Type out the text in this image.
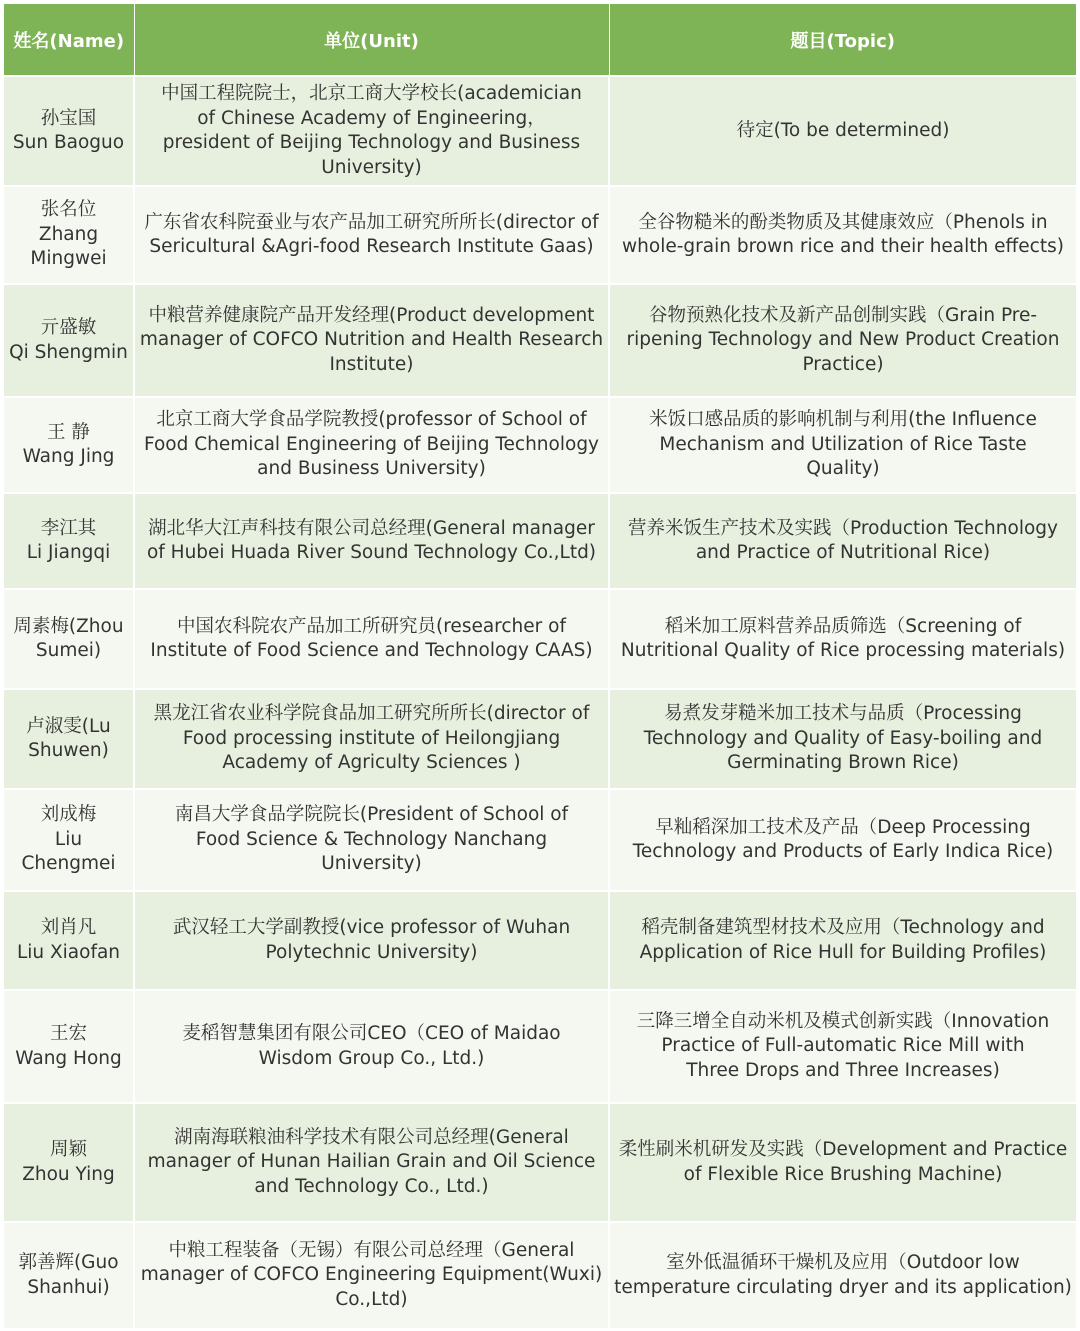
姓名(Name)	单位(Unit)	题目(Topic)

孙宝国
Sun Baoguo	中国工程院院士，北京工商大学校长(academician of Chinese Academy of Engineering，president of Beijing Technology and Business University)	待定(To be determined)

张名位
Zhang Mingwei	广东省农科院蚕业与农产品加工研究所所长(director of Sericultural &Agri-food Research Institute Gaas)	全谷物糙米的酚类物质及其健康效应（Phenols in whole-grain brown rice and their health effects)

亓盛敏
Qi Shengmin	中粮营养健康院产品开发经理(Product development manager of COFCO Nutrition and Health Research Institute)	谷物预熟化技术及新产品创制实践（Grain Pre-ripening Technology and New Product Creation Practice)

王 静
Wang Jing	北京工商大学食品学院教授(professor of School of Food Chemical Engineering of Beijing Technology and Business University)	米饭口感品质的影响机制与利用(the Influence Mechanism and Utilization of Rice Taste Quality)

李江其
Li Jiangqi	湖北华大江声科技有限公司总经理(General manager of Hubei Huada River Sound Technology Co.,Ltd)	营养米饭生产技术及实践（Production Technology and Practice of Nutritional Rice)

周素梅(Zhou
Sumei)	中国农科院农产品加工所研究员(researcher of Institute of Food Science and Technology CAAS)	稻米加工原料营养品质筛选（Screening of Nutritional Quality of Rice processing materials)

卢淑雯(Lu
Shuwen)	黑龙江省农业科学院食品加工研究所所长(director of Food processing institute of Heilongjiang Academy of Agriculty Sciences )	易煮发芽糙米加工技术与品质（Processing Technology and Quality of Easy-boiling and Germinating Brown Rice)

刘成梅
Liu Chengmei	南昌大学食品学院院长(President of School of Food Science & Technology Nanchang University)	早籼稻深加工技术及产品（Deep Processing Technology and Products of Early Indica Rice)

刘肖凡
Liu Xiaofan	武汉轻工大学副教授(vice professor of Wuhan Polytechnic University)	稻壳制备建筑型材技术及应用（Technology and Application of Rice Hull for Building Profiles)

王宏
Wang Hong	麦稻智慧集团有限公司CEO（CEO of Maidao Wisdom Group Co., Ltd.)	三降三增全自动米机及模式创新实践（Innovation Practice of Full-automatic Rice Mill with Three Drops and Three Increases)

周颖
Zhou Ying	湖南海联粮油科学技术有限公司总经理(General manager of Hunan Hailian Grain and Oil Science and Technology Co., Ltd.)	柔性刷米机研发及实践（Development and Practice of Flexible Rice Brushing Machine)

郭善辉(Guo
Shanhui)	中粮工程装备（无锡）有限公司总经理（General manager of COFCO Engineering Equipment(Wuxi) Co.,Ltd)	室外低温循环干燥机及应用（Outdoor low temperature circulating dryer and its application)
